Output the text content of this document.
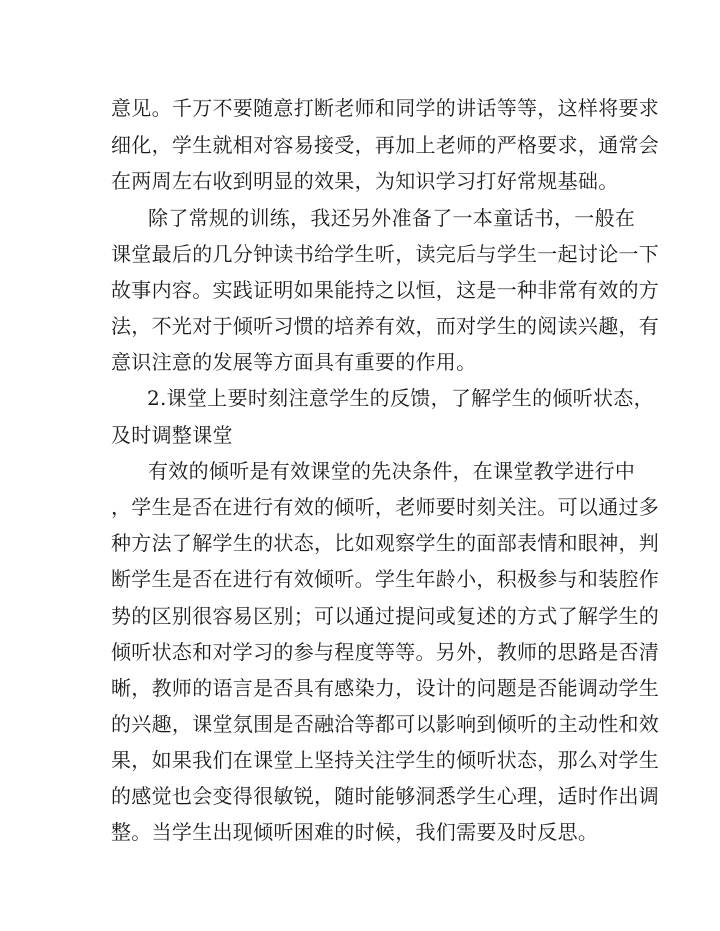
意见。千万不要随意打断老师和同学的讲话等等，这样将要求
细化，学生就相对容易接受，再加上老师的严格要求，通常会
在两周左右收到明显的效果，为知识学习打好常规基础。
除了常规的训练，我还另外准备了一本童话书，一般在
课堂最后的几分钟读书给学生听，读完后与学生一起讨论一下
故事内容。实践证明如果能持之以恒，这是一种非常有效的方
法，不光对于倾听习惯的培养有效，而对学生的阅读兴趣，有
意识注意的发展等方面具有重要的作用。
2.课堂上要时刻注意学生的反馈，了解学生的倾听状态，
及时调整课堂
有效的倾听是有效课堂的先决条件，在课堂教学进行中
，学生是否在进行有效的倾听，老师要时刻关注。可以通过多
种方法了解学生的状态，比如观察学生的面部表情和眼神，判
断学生是否在进行有效倾听。学生年龄小，积极参与和装腔作
势的区别很容易区别；可以通过提问或复述的方式了解学生的
倾听状态和对学习的参与程度等等。另外，教师的思路是否清
晰，教师的语言是否具有感染力，设计的问题是否能调动学生
的兴趣，课堂氛围是否融洽等都可以影响到倾听的主动性和效
果，如果我们在课堂上坚持关注学生的倾听状态，那么对学生
的感觉也会变得很敏锐，随时能够洞悉学生心理，适时作出调
整。当学生出现倾听困难的时候，我们需要及时反思。
